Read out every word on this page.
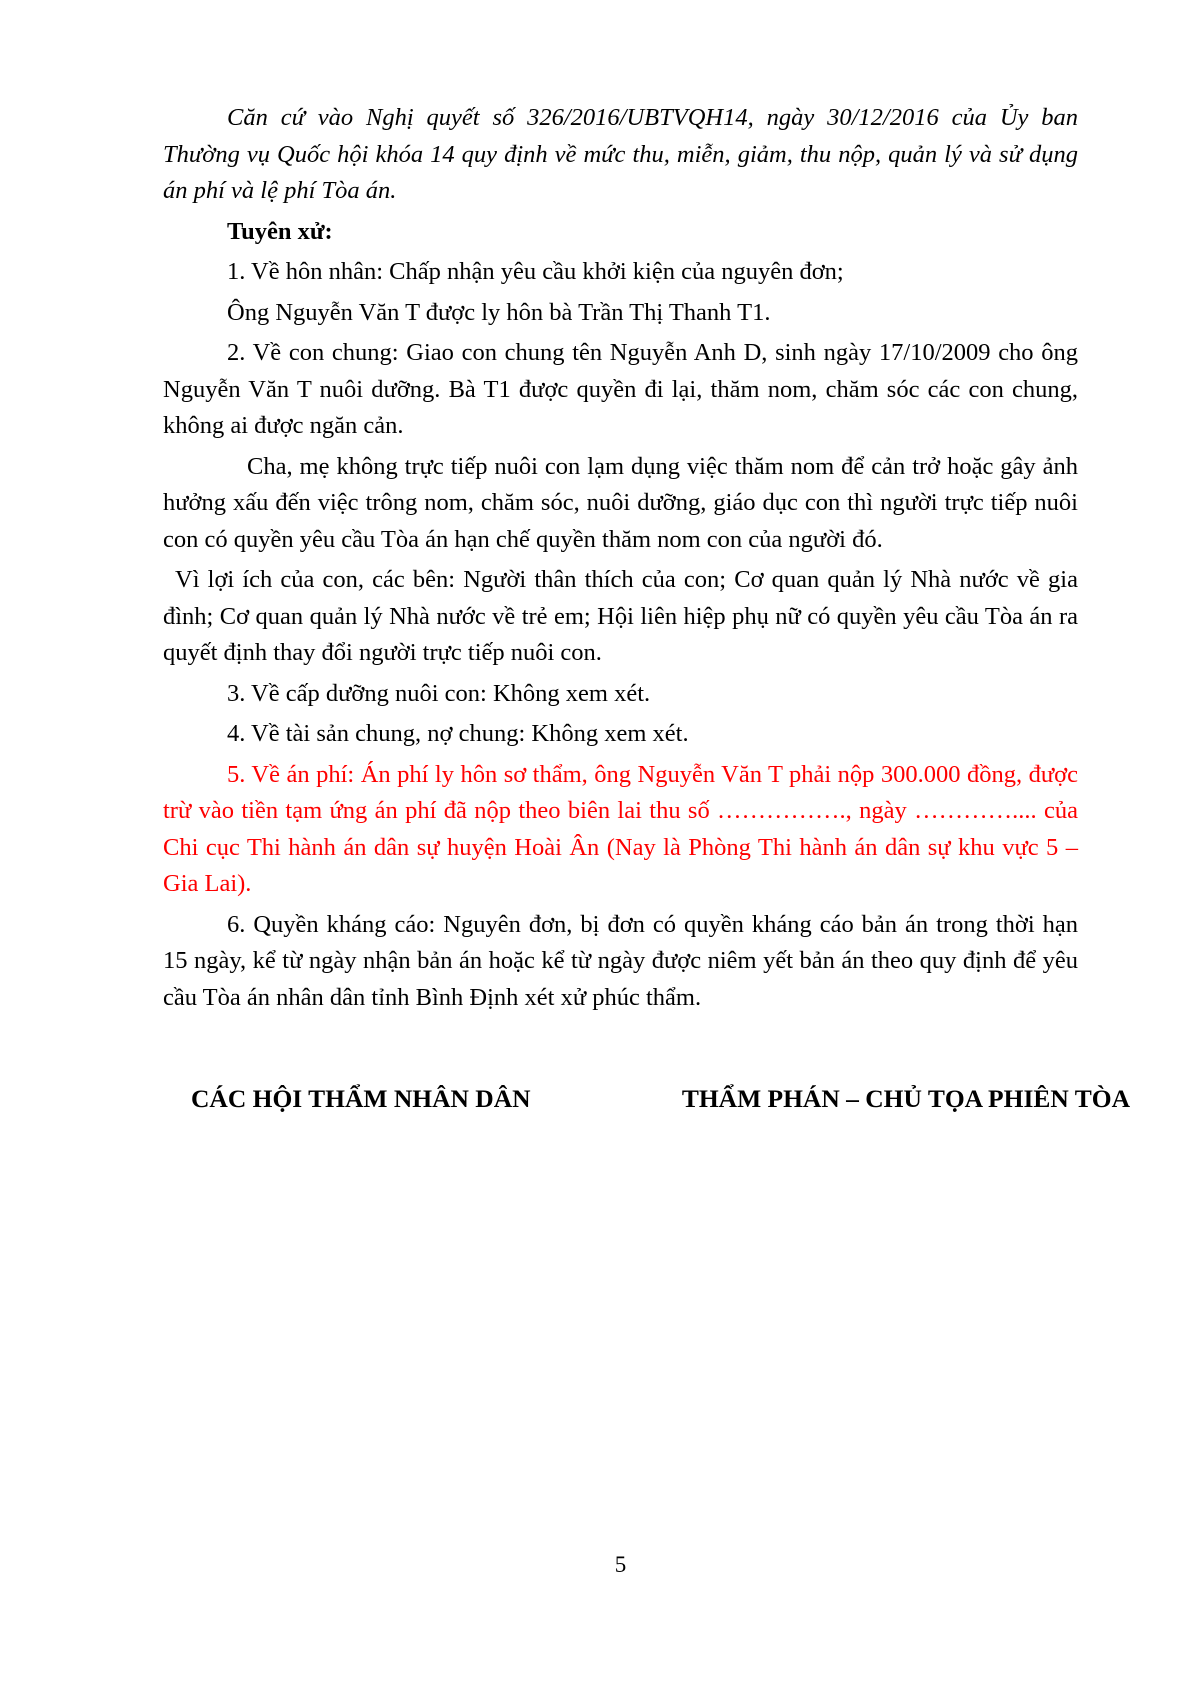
Căn cứ vào Nghị quyết số 326/2016/UBTVQH14, ngày 30/12/2016 của Ủy ban Thường vụ Quốc hội khóa 14 quy định về mức thu, miễn, giảm, thu nộp, quản lý và sử dụng án phí và lệ phí Tòa án.

Tuyên xử:

1. Về hôn nhân: Chấp nhận yêu cầu khởi kiện của nguyên đơn;

Ông Nguyễn Văn T được ly hôn bà Trần Thị Thanh T1.

2. Về con chung: Giao con chung tên Nguyễn Anh D, sinh ngày 17/10/2009 cho ông Nguyễn Văn T nuôi dưỡng. Bà T1 được quyền đi lại, thăm nom, chăm sóc các con chung, không ai được ngăn cản.

Cha, mẹ không trực tiếp nuôi con lạm dụng việc thăm nom để cản trở hoặc gây ảnh hưởng xấu đến việc trông nom, chăm sóc, nuôi dưỡng, giáo dục con thì người trực tiếp nuôi con có quyền yêu cầu Tòa án hạn chế quyền thăm nom con của người đó.

Vì lợi ích của con, các bên: Người thân thích của con; Cơ quan quản lý Nhà nước về gia đình; Cơ quan quản lý Nhà nước về trẻ em; Hội liên hiệp phụ nữ có quyền yêu cầu Tòa án ra quyết định thay đổi người trực tiếp nuôi con.

3. Về cấp dưỡng nuôi con: Không xem xét.

4. Về tài sản chung, nợ chung: Không xem xét.

5. Về án phí: Án phí ly hôn sơ thẩm, ông Nguyễn Văn T phải nộp 300.000 đồng, được trừ vào tiền tạm ứng án phí đã nộp theo biên lai thu số ……………., ngày ………….... của Chi cục Thi hành án dân sự huyện Hoài Ân (Nay là Phòng Thi hành án dân sự khu vực 5 – Gia Lai).

6. Quyền kháng cáo: Nguyên đơn, bị đơn có quyền kháng cáo bản án trong thời hạn 15 ngày, kể từ ngày nhận bản án hoặc kể từ ngày được niêm yết bản án theo quy định để yêu cầu Tòa án nhân dân tỉnh Bình Định xét xử phúc thẩm.

CÁC HỘI THẨM NHÂN DÂN	THẨM PHÁN – CHỦ TỌA PHIÊN TÒA
5
